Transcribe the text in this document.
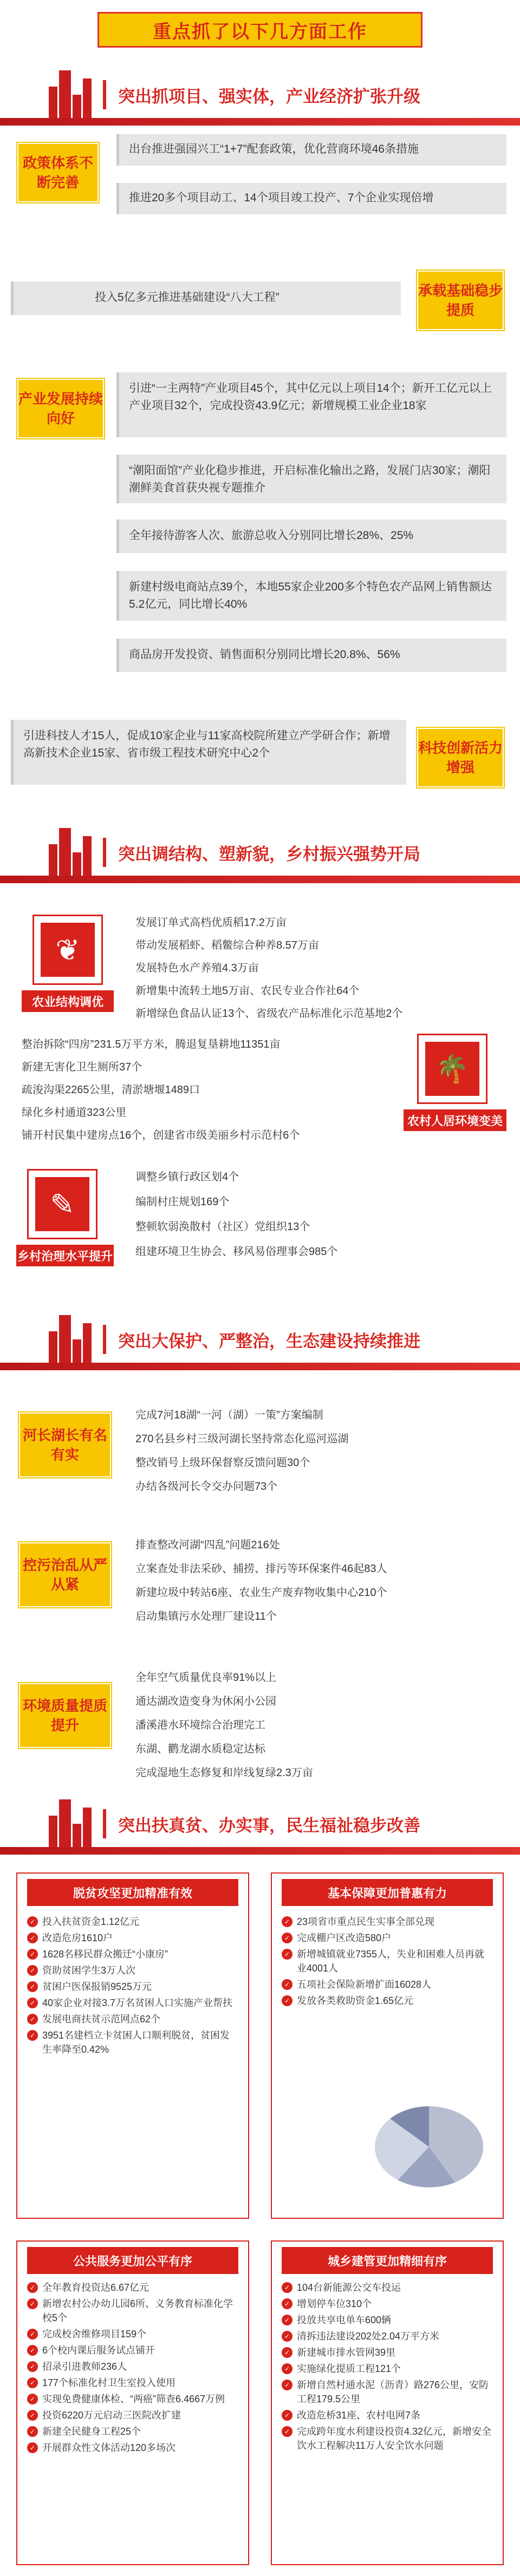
重点抓了以下几方面工作
突出抓项目、强实体，产业经济扩张升级
政策体系不断完善
出台推进强园兴工“1+7”配套政策，优化营商环境46条措施
推进20多个项目动工、14个项目竣工投产、7个企业实现倍增
承载基础稳步提质
投入5亿多元推进基础建设“八大工程”
产业发展持续向好
引进“一主两特”产业项目45个，其中亿元以上项目14个；新开工亿元以上产业项目32个，完成投资43.9亿元；新增规模工业企业18家
“潮阳面馆”产业化稳步推进，开启标准化输出之路，发展门店30家；潮阳潮鲜美食首获央视专题推介
全年接待游客人次、旅游总收入分别同比增长28%、25%
新建村级电商站点39个，本地55家企业200多个特色农产品网上销售额达5.2亿元，同比增长40%
商品房开发投资、销售面积分别同比增长20.8%、56%
引进科技人才15人，促成10家企业与11家高校院所建立产学研合作；新增高新技术企业15家、省市级工程技术研究中心2个	科技创新活力增强
突出调结构、塑新貌，乡村振兴强势开局
❦
农业结构调优
发展订单式高档优质稻17.2万亩
带动发展稻虾、稻鳖综合种养8.57万亩
发展特色水产养殖4.3万亩
新增集中流转土地5万亩、农民专业合作社64个
新增绿色食品认证13个、省级农产品标准化示范基地2个
整治拆除“四房”231.5万平方米，腾退复垦耕地11351亩
新建无害化卫生厕所37个
疏浚沟渠2265公里，清淤塘堰1489口
绿化乡村通道323公里
铺开村民集中建房点16个，创建省市级美丽乡村示范村6个
🌴
农村人居环境变美
✎
乡村治理水平提升
调整乡镇行政区划4个
编制村庄规划169个
整顿软弱涣散村（社区）党组织13个
组建环境卫生协会、移风易俗理事会985个
突出大保护、严整治，生态建设持续推进
河长湖长有名有实
完成7河18湖“一河（湖）一策”方案编制
270名县乡村三级河湖长坚持常态化巡河巡湖
整改销号上级环保督察反馈问题30个
办结各级河长令交办问题73个
控污治乱从严从紧
排查整改河湖“四乱”问题216处
立案查处非法采砂、捕捞、排污等环保案件46起83人
新建垃圾中转站6座、农业生产废弃物收集中心210个
启动集镇污水处理厂建设11个
环境质量提质提升
全年空气质量优良率91%以上
通达湖改造变身为休闲小公园
潘溪港水环境综合治理完工
东湖、鹳龙湖水质稳定达标
完成湿地生态修复和岸线复绿2.3万亩
突出扶真贫、办实事，民生福祉稳步改善
脱贫攻坚更加精准有效
✓ 投入扶贫资金1.12亿元
✓ 改造危房1610户
✓ 1628名移民群众搬迁“小康房”
✓ 资助贫困学生3万人次
✓ 贫困户医保报销9525万元
✓ 40家企业对接3.7万名贫困人口实施产业帮扶
✓ 发展电商扶贫示范网点62个
✓ 3951名建档立卡贫困人口顺利脱贫，贫困发生率降至0.42%
基本保障更加普惠有力
✓ 23项省市重点民生实事全部兑现
✓ 完成棚户区改造580户
✓ 新增城镇就业7355人，失业和困难人员再就业4001人
✓ 五项社会保险新增扩面16028人
✓ 发放各类救助资金1.65亿元
公共服务更加公平有序
✓ 全年教育投资达6.67亿元
✓ 新增农村公办幼儿园6所、义务教育标准化学校5个
✓ 完成校舍维修项目159个
✓ 6个校内课后服务试点铺开
✓ 招录引进教师236人
✓ 177个标准化村卫生室投入使用
✓ 实现免费健康体检、“两癌”筛查6.4667万例
✓ 投资6220万元启动三医院改扩建
✓ 新建全民健身工程25个
✓ 开展群众性文体活动120多场次
城乡建管更加精细有序
✓ 104台新能源公交车投运
✓ 增划停车位310个
✓ 投放共享电单车600辆
✓ 清拆违法建设202处2.04万平方米
✓ 新建城市排水管网39里
✓ 实施绿化提质工程121个
✓ 新增自然村通水泥（沥青）路276公里，安防工程179.5公里
✓ 改造危桥31座、农村电网7条
✓ 完成跨年度水利建设投资4.32亿元，新增安全饮水工程解决11万人安全饮水问题
